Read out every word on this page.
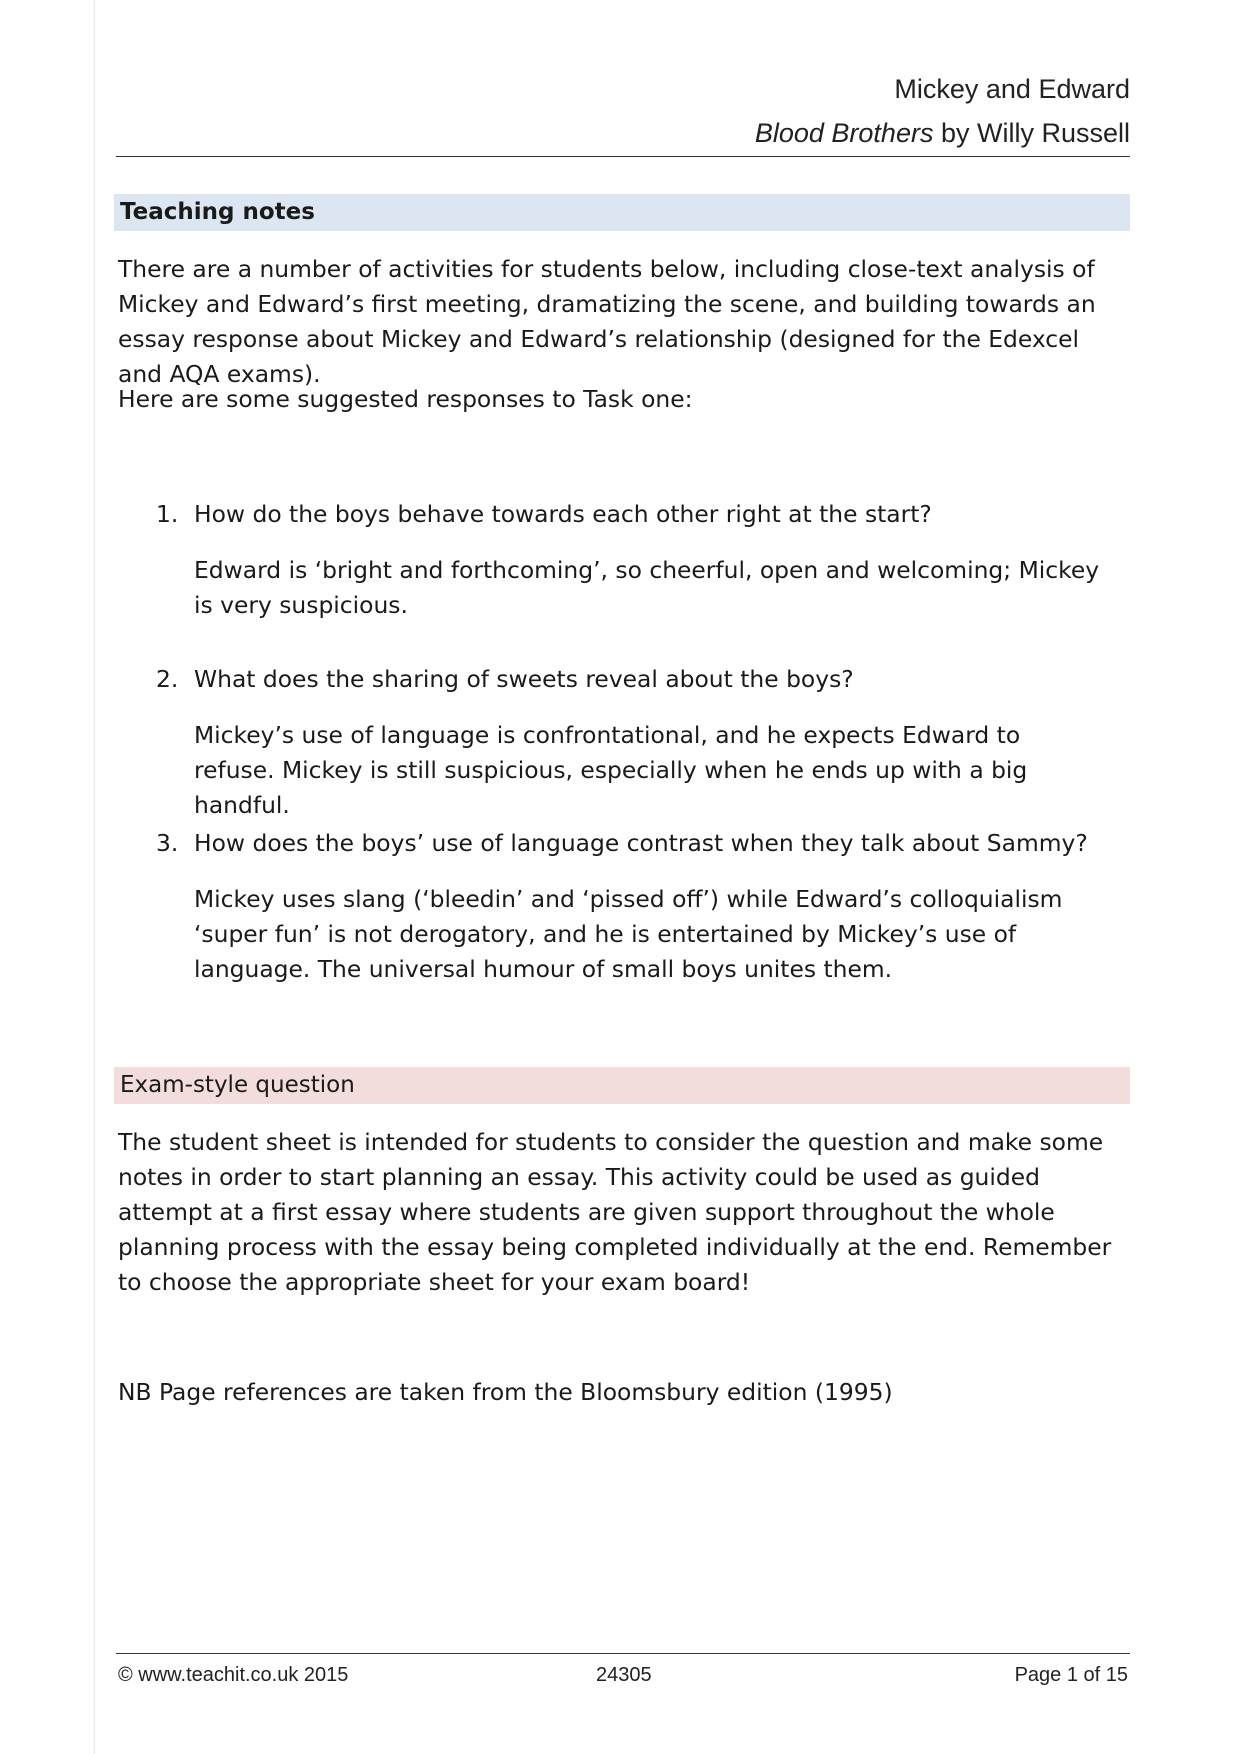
Mickey and Edward
Blood Brothers by Willy Russell
Teaching notes

There are a number of activities for students below, including close-text analysis of Mickey and Edward’s first meeting, dramatizing the scene, and building towards an essay response about Mickey and Edward’s relationship (designed for the Edexcel and AQA exams).

Here are some suggested responses to Task one:

1. How do the boys behave towards each other right at the start?

Edward is ‘bright and forthcoming’, so cheerful, open and welcoming; Mickey is very suspicious.

2. What does the sharing of sweets reveal about the boys?

Mickey’s use of language is confrontational, and he expects Edward to refuse. Mickey is still suspicious, especially when he ends up with a big handful.

3. How does the boys’ use of language contrast when they talk about Sammy?

Mickey uses slang (‘bleedin’ and ‘pissed off’) while Edward’s colloquialism ‘super fun’ is not derogatory, and he is entertained by Mickey’s use of language. The universal humour of small boys unites them.

Exam-style question

The student sheet is intended for students to consider the question and make some notes in order to start planning an essay. This activity could be used as guided attempt at a first essay where students are given support throughout the whole planning process with the essay being completed individually at the end. Remember to choose the appropriate sheet for your exam board!

NB Page references are taken from the Bloomsbury edition (1995)

© www.teachit.co.uk 2015	24305	Page 1 of 15
